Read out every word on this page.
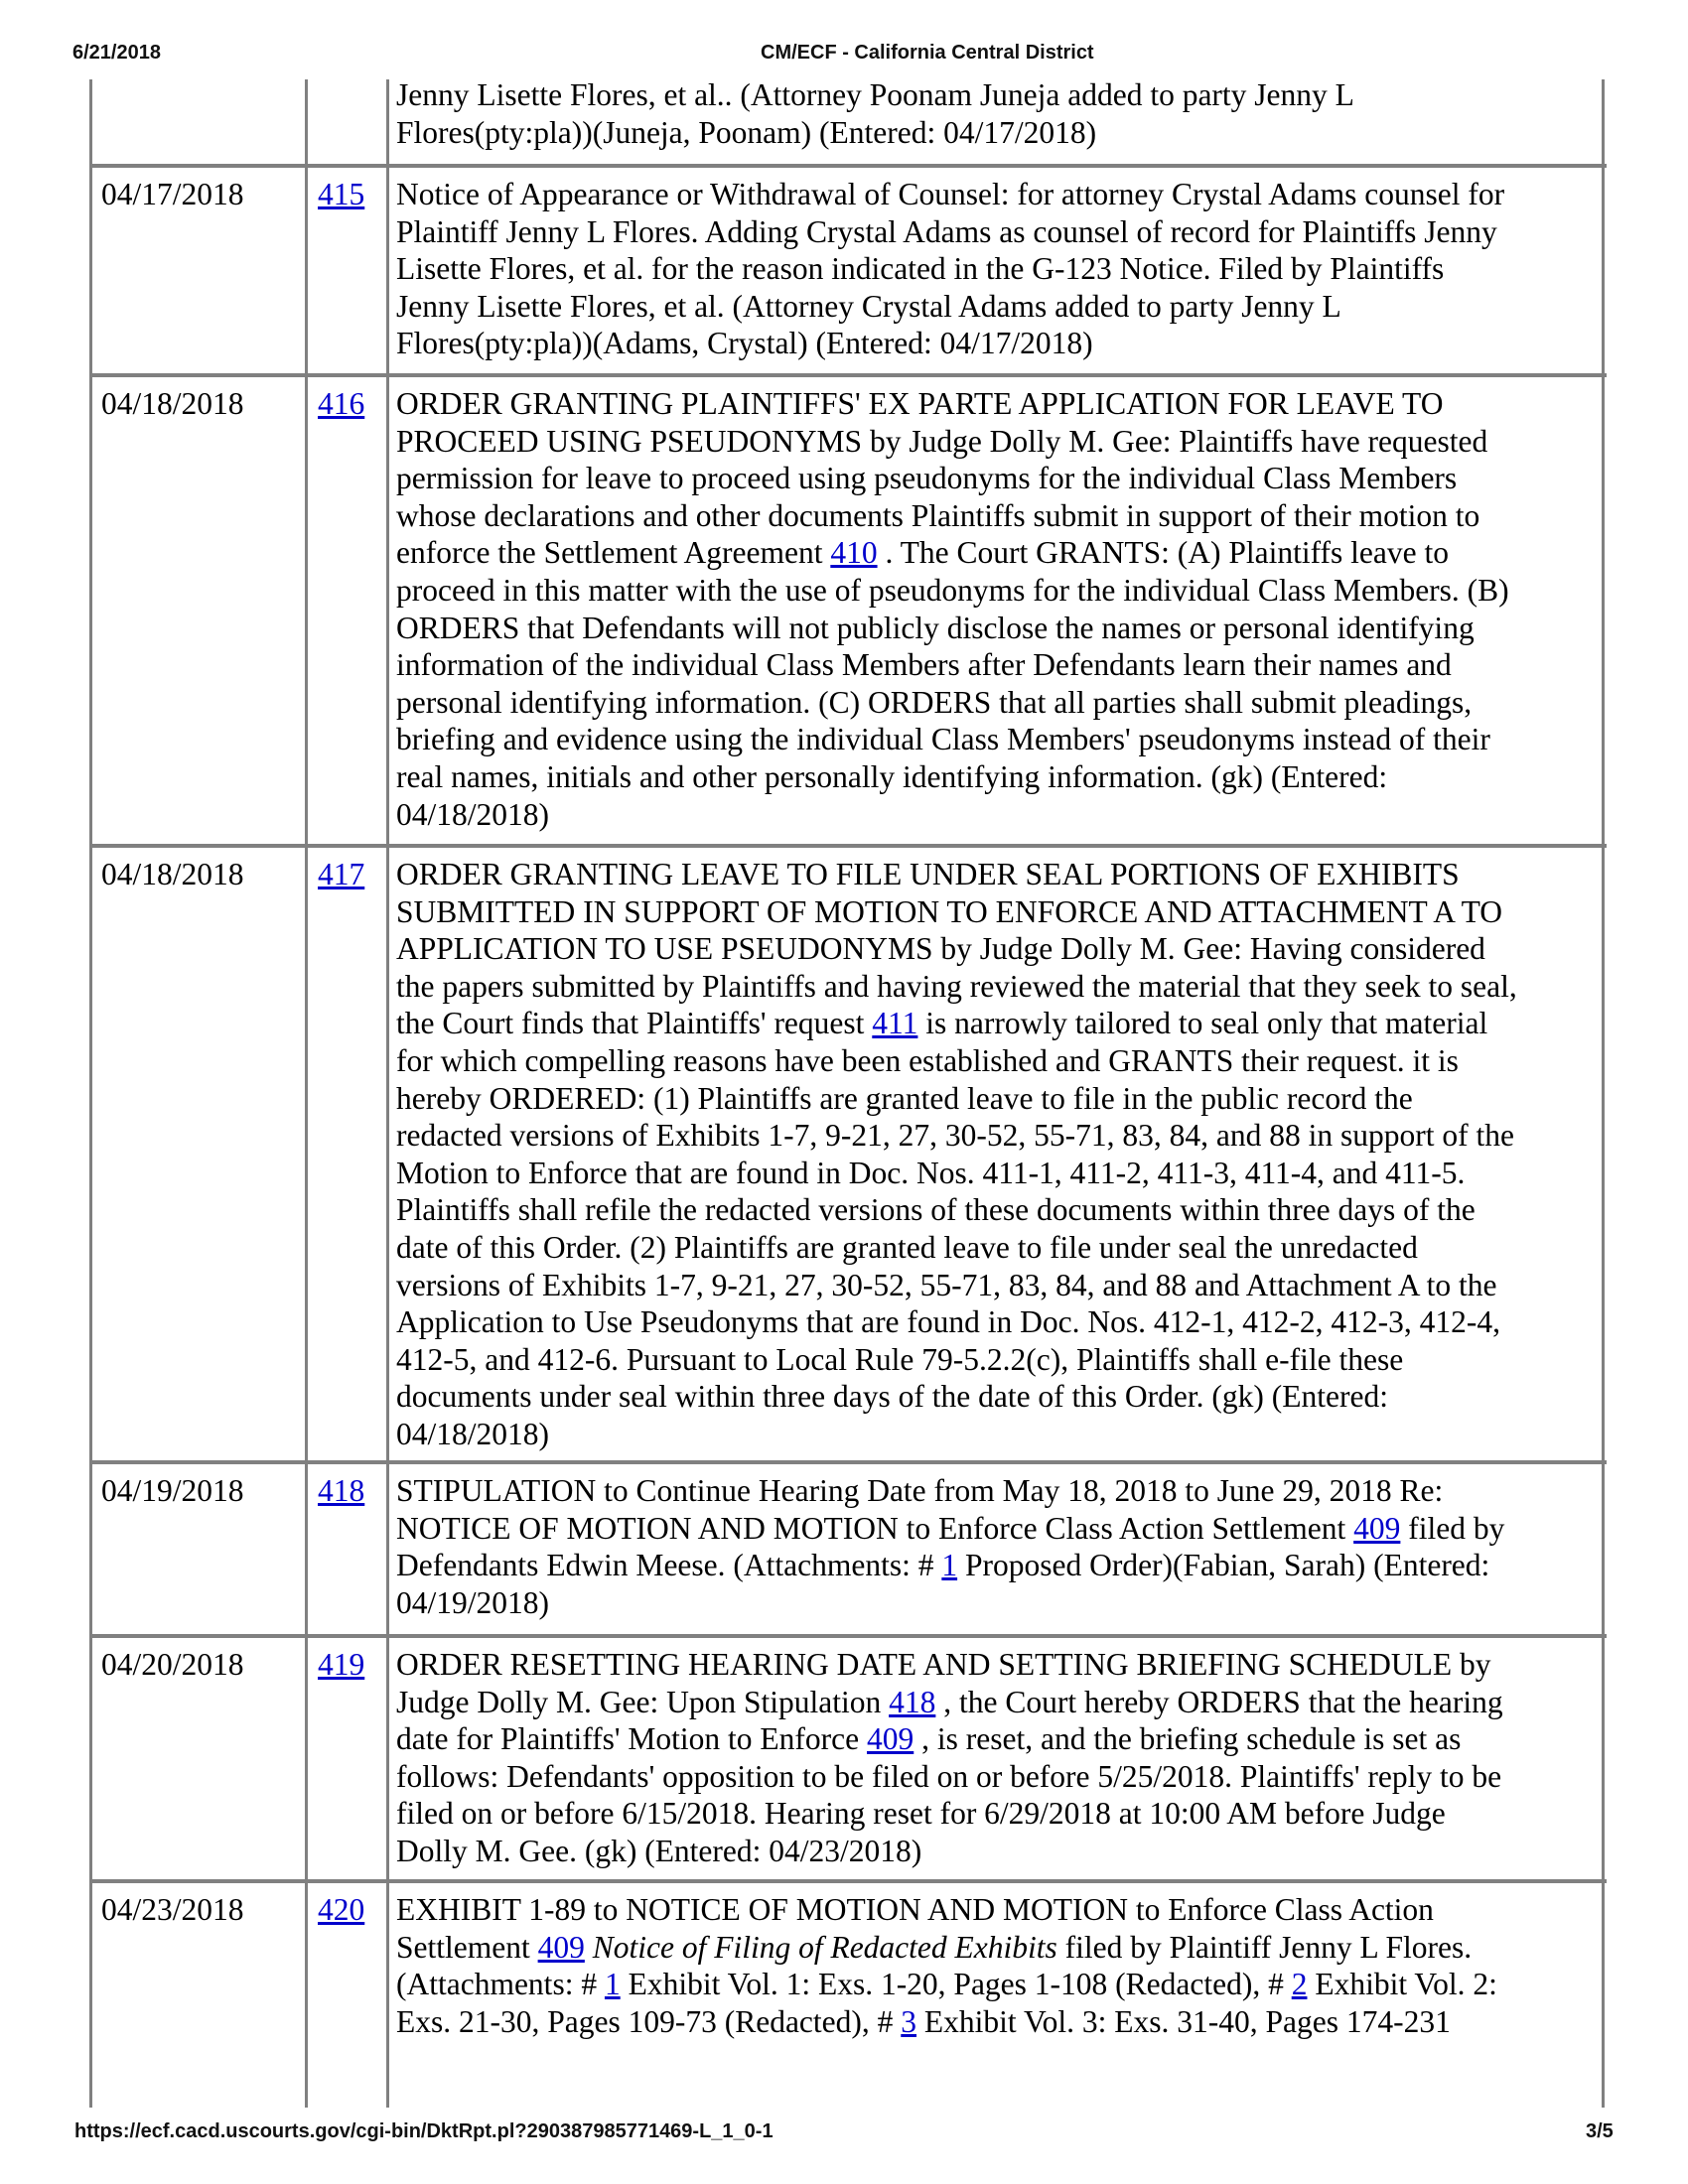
6/21/2018	CM/ECF - California Central District
Jenny Lisette Flores, et al.. (Attorney Poonam Juneja added to party Jenny L
Flores(pty:pla))(Juneja, Poonam) (Entered: 04/17/2018)
04/17/2018	415	Notice of Appearance or Withdrawal of Counsel: for attorney Crystal Adams counsel for
Plaintiff Jenny L Flores. Adding Crystal Adams as counsel of record for Plaintiffs Jenny
Lisette Flores, et al. for the reason indicated in the G-123 Notice. Filed by Plaintiffs
Jenny Lisette Flores, et al. (Attorney Crystal Adams added to party Jenny L
Flores(pty:pla))(Adams, Crystal) (Entered: 04/17/2018)
04/18/2018	416	ORDER GRANTING PLAINTIFFS' EX PARTE APPLICATION FOR LEAVE TO
PROCEED USING PSEUDONYMS by Judge Dolly M. Gee: Plaintiffs have requested
permission for leave to proceed using pseudonyms for the individual Class Members
whose declarations and other documents Plaintiffs submit in support of their motion to
enforce the Settlement Agreement 410 . The Court GRANTS: (A) Plaintiffs leave to
proceed in this matter with the use of pseudonyms for the individual Class Members. (B)
ORDERS that Defendants will not publicly disclose the names or personal identifying
information of the individual Class Members after Defendants learn their names and
personal identifying information. (C) ORDERS that all parties shall submit pleadings,
briefing and evidence using the individual Class Members' pseudonyms instead of their
real names, initials and other personally identifying information. (gk) (Entered:
04/18/2018)
04/18/2018	417	ORDER GRANTING LEAVE TO FILE UNDER SEAL PORTIONS OF EXHIBITS
SUBMITTED IN SUPPORT OF MOTION TO ENFORCE AND ATTACHMENT A TO
APPLICATION TO USE PSEUDONYMS by Judge Dolly M. Gee: Having considered
the papers submitted by Plaintiffs and having reviewed the material that they seek to seal,
the Court finds that Plaintiffs' request 411 is narrowly tailored to seal only that material
for which compelling reasons have been established and GRANTS their request. it is
hereby ORDERED: (1) Plaintiffs are granted leave to file in the public record the
redacted versions of Exhibits 1-7, 9-21, 27, 30-52, 55-71, 83, 84, and 88 in support of the
Motion to Enforce that are found in Doc. Nos. 411-1, 411-2, 411-3, 411-4, and 411-5.
Plaintiffs shall refile the redacted versions of these documents within three days of the
date of this Order. (2) Plaintiffs are granted leave to file under seal the unredacted
versions of Exhibits 1-7, 9-21, 27, 30-52, 55-71, 83, 84, and 88 and Attachment A to the
Application to Use Pseudonyms that are found in Doc. Nos. 412-1, 412-2, 412-3, 412-4,
412-5, and 412-6. Pursuant to Local Rule 79-5.2.2(c), Plaintiffs shall e-file these
documents under seal within three days of the date of this Order. (gk) (Entered:
04/18/2018)
04/19/2018	418	STIPULATION to Continue Hearing Date from May 18, 2018 to June 29, 2018 Re:
NOTICE OF MOTION AND MOTION to Enforce Class Action Settlement 409 filed by
Defendants Edwin Meese. (Attachments: # 1 Proposed Order)(Fabian, Sarah) (Entered:
04/19/2018)
04/20/2018	419	ORDER RESETTING HEARING DATE AND SETTING BRIEFING SCHEDULE by
Judge Dolly M. Gee: Upon Stipulation 418 , the Court hereby ORDERS that the hearing
date for Plaintiffs' Motion to Enforce 409 , is reset, and the briefing schedule is set as
follows: Defendants' opposition to be filed on or before 5/25/2018. Plaintiffs' reply to be
filed on or before 6/15/2018. Hearing reset for 6/29/2018 at 10:00 AM before Judge
Dolly M. Gee. (gk) (Entered: 04/23/2018)
04/23/2018	420	EXHIBIT 1-89 to NOTICE OF MOTION AND MOTION to Enforce Class Action
Settlement 409 Notice of Filing of Redacted Exhibits filed by Plaintiff Jenny L Flores.
(Attachments: # 1 Exhibit Vol. 1: Exs. 1-20, Pages 1-108 (Redacted), # 2 Exhibit Vol. 2:
Exs. 21-30, Pages 109-73 (Redacted), # 3 Exhibit Vol. 3: Exs. 31-40, Pages 174-231
https://ecf.cacd.uscourts.gov/cgi-bin/DktRpt.pl?290387985771469-L_1_0-1	3/5
